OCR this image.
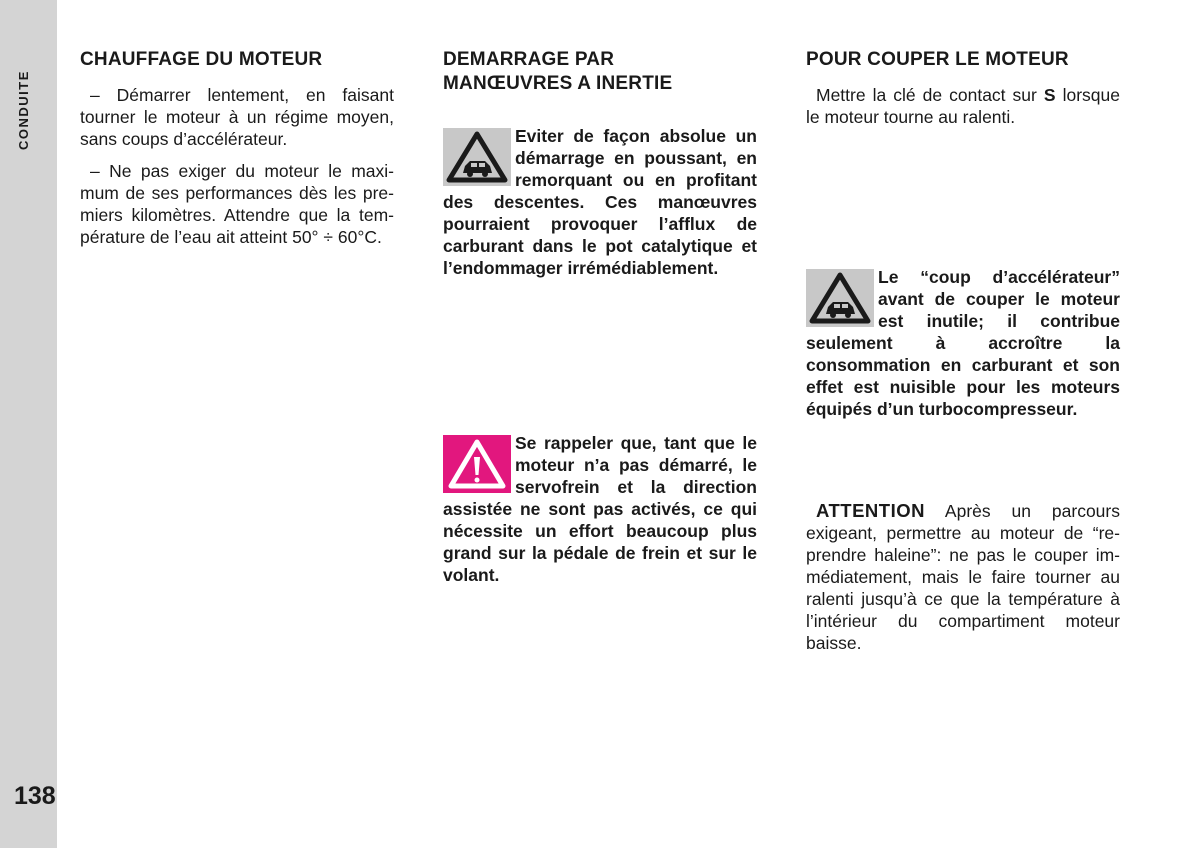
CONDUITE
138
CHAUFFAGE DU MOTEUR

– Démarrer lentement, en faisant tourner le moteur à un régime moyen, sans coups d’accélérateur.

– Ne pas exiger du moteur le maximum de ses performances dès les premiers kilomètres. Attendre que la température de l’eau ait atteint 50° ÷ 60°C.

DEMARRAGE PAR
MANŒUVRES A INERTIE

Eviter de façon absolue un démarrage en poussant, en remorquant ou en profitant des descentes. Ces manœuvres pourraient provoquer l’afflux de carburant dans le pot catalytique et l’endommager irrémédiablement.

Se rappeler que, tant que le moteur n’a pas démarré, le servofrein et la direction assistée ne sont pas activés, ce qui nécessite un effort beaucoup plus grand sur la pédale de frein et sur le volant.

POUR COUPER LE MOTEUR

Mettre la clé de contact sur S lorsque le moteur tourne au ralenti.

Le “coup d’accélérateur” avant de couper le moteur est inutile; il contribue seulement à accroître la consommation en carburant et son effet est nuisible pour les moteurs équipés d’un turbocompresseur.

ATTENTION Après un parcours exigeant, permettre au moteur de “reprendre haleine”: ne pas le couper immédiatement, mais le faire tourner au ralenti jusqu’à ce que la température à l’intérieur du compartiment moteur baisse.
